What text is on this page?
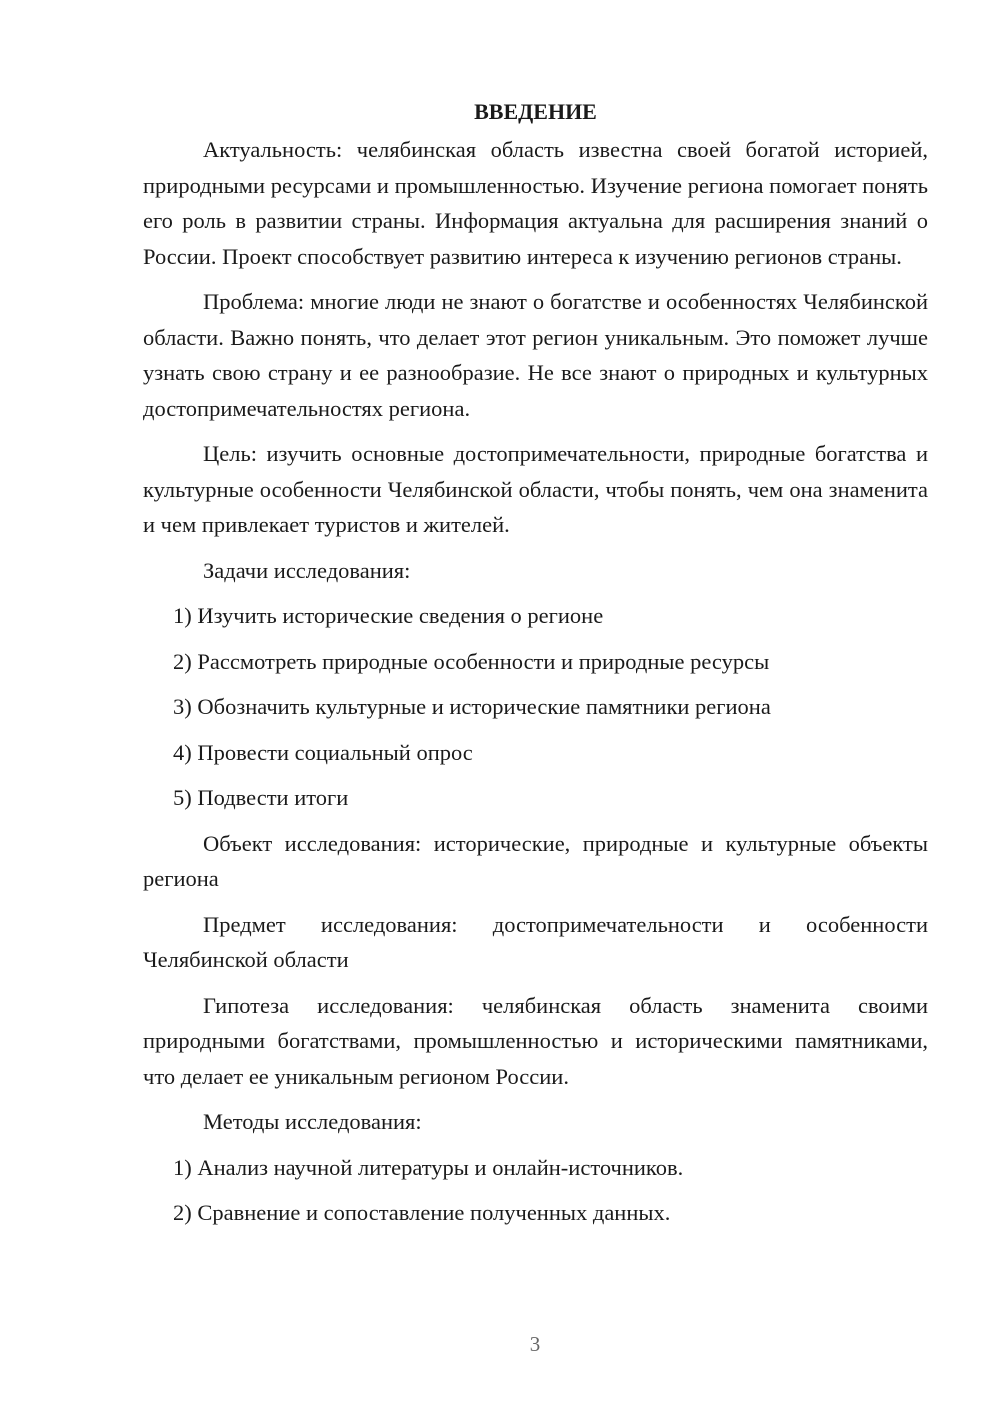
ВВЕДЕНИЕ

Актуальность: челябинская область известна своей богатой историей, природными ресурсами и промышленностью. Изучение региона помогает понять его роль в развитии страны. Информация актуальна для расширения знаний о России. Проект способствует развитию интереса к изучению регионов страны.

Проблема: многие люди не знают о богатстве и особенностях Челябинской области. Важно понять, что делает этот регион уникальным. Это поможет лучше узнать свою страну и ее разнообразие. Не все знают о природных и культурных достопримечательностях региона.

Цель: изучить основные достопримечательности, природные богатства и культурные особенности Челябинской области, чтобы понять, чем она знаменита и чем привлекает туристов и жителей.

Задачи исследования:

1) Изучить исторические сведения о регионе

2) Рассмотреть природные особенности и природные ресурсы

3) Обозначить культурные и исторические памятники региона

4) Провести социальный опрос

5) Подвести итоги

Объект исследования: исторические, природные и культурные объекты региона

Предмет исследования: достопримечательности и особенности Челябинской области

Гипотеза исследования: челябинская область знаменита своими природными богатствами, промышленностью и историческими памятниками, что делает ее уникальным регионом России.

Методы исследования:

1) Анализ научной литературы и онлайн-источников.

2) Сравнение и сопоставление полученных данных.

3
